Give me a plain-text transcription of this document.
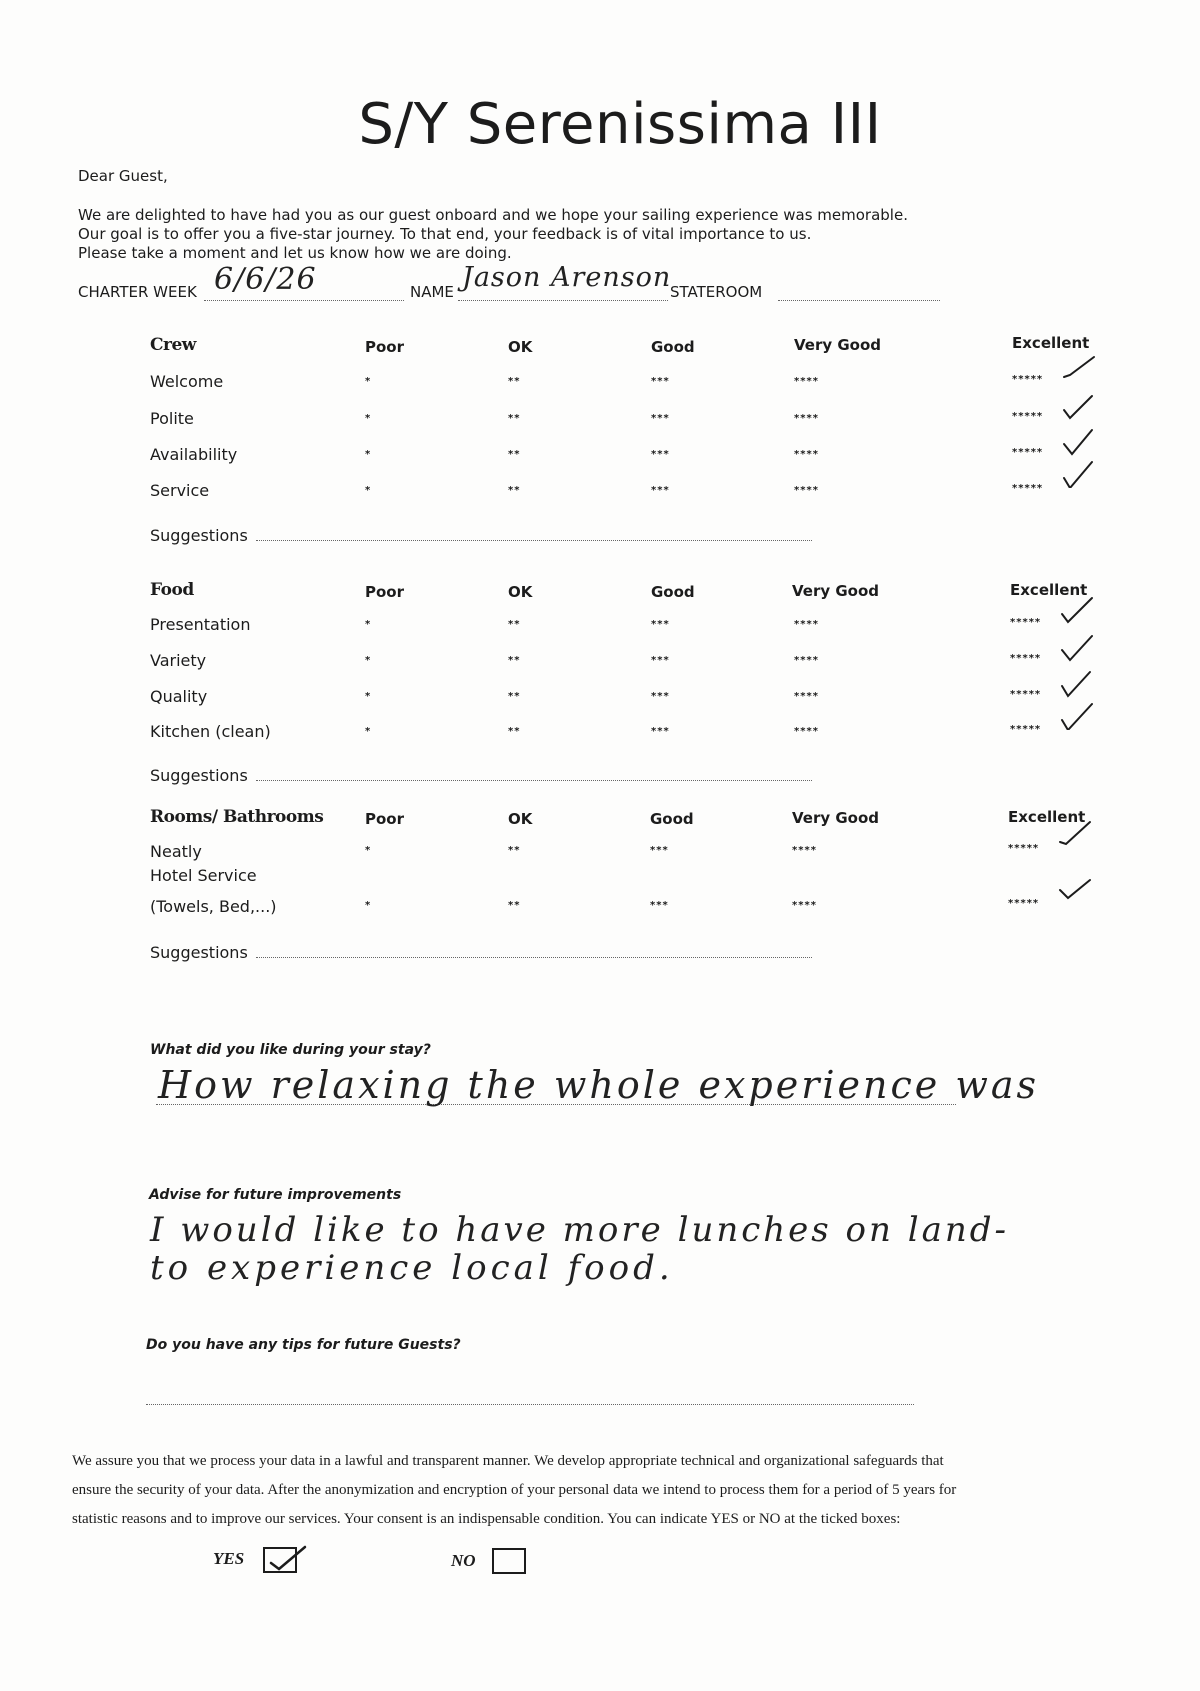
S/Y Serenissima III
Dear Guest,
We are delighted to have had you as our guest onboard and we hope your sailing experience was memorable.
Our goal is to offer you a five-star journey. To that end, your feedback is of vital importance to us.
Please take a moment and let us know how we are doing.
CHARTER WEEK 6/6/26	NAME Jason Arenson
STATEROOM
Crew	Poor	OK	Good	Very Good	Excellent
Welcome	*	**	***	****	*****
Polite	*	**	***	****	*****
Availability	*	**	***	****	*****
Service	*	**	***	****	*****
Suggestions
Food	Poor	OK	Good	Very Good	Excellent
Presentation	*	**	***	****	*****
Variety	*	**	***	****	*****
Quality	*	**	***	****	*****
Kitchen (clean)	*	**	***	****	*****
Suggestions
Rooms/ Bathrooms	Poor	OK	Good	Very Good	Excellent
Neatly	*	**	***	****	*****
Hotel Service
(Towels, Bed,...)	*	**	***	****	*****
Suggestions
What did you like during your stay?
How relaxing the whole experience was
Advise for future improvements
I would like to have more lunches on land-
to experience local food.
Do you have any tips for future Guests?
We assure you that we process your data in a lawful and transparent manner. We develop appropriate technical and organizational safeguards that
ensure the security of your data. After the anonymization and encryption of your personal data we intend to process them for a period of 5 years for
statistic reasons and to improve our services. Your consent is an indispensable condition. You can indicate YES or NO at the ticked boxes:
YES	NO
